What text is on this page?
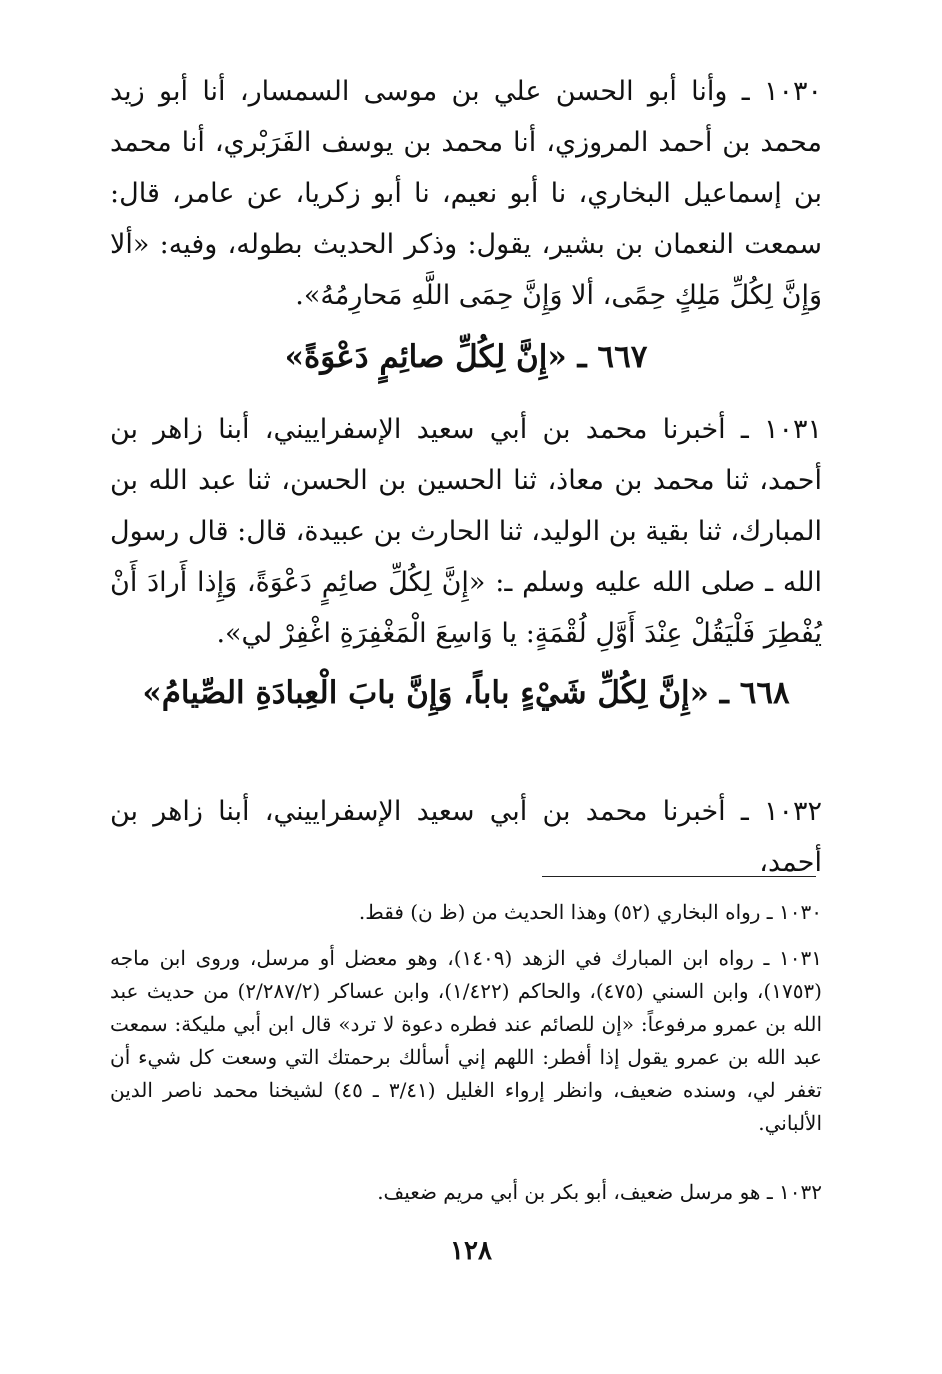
١٠٣٠ ـ وأنا أبو الحسن علي بن موسى السمسار، أنا أبو زيد محمد بن أحمد المروزي، أنا محمد بن يوسف الفَرَبْري، أنا محمد بن إسماعيل البخاري، نا أبو نعيم، نا أبو زكريا، عن عامر، قال: سمعت النعمان بن بشير، يقول: وذكر الحديث بطوله، وفيه: «ألا وَإِنَّ لِكُلِّ مَلِكٍ حِمًى، ألا وَإِنَّ حِمَى اللَّهِ مَحارِمُهُ».

٦٦٧ ـ «إِنَّ لِكُلِّ صائِمٍ دَعْوَةً»

١٠٣١ ـ أخبرنا محمد بن أبي سعيد الإسفراييني، أبنا زاهر بن أحمد، ثنا محمد بن معاذ، ثنا الحسين بن الحسن، ثنا عبد الله بن المبارك، ثنا بقية بن الوليد، ثنا الحارث بن عبيدة، قال: قال رسول الله ـ صلى الله عليه وسلم ـ: «إِنَّ لِكُلِّ صائِمٍ دَعْوَةً، وَإِذا أَرادَ أَنْ يُفْطِرَ فَلْيَقُلْ عِنْدَ أَوَّلِ لُقْمَةٍ: يا وَاسِعَ الْمَغْفِرَةِ اغْفِرْ لي».

٦٦٨ ـ «إِنَّ لِكُلِّ شَيْءٍ باباً، وَإِنَّ بابَ الْعِبادَةِ الصِّيامُ»

١٠٣٢ ـ أخبرنا محمد بن أبي سعيد الإسفراييني، أبنا زاهر بن أحمد،

١٠٣٠ ـ رواه البخاري (٥٢) وهذا الحديث من (ظ ن) فقط.

١٠٣١ ـ رواه ابن المبارك في الزهد (١٤٠٩)، وهو معضل أو مرسل، وروى ابن ماجه (١٧٥٣)، وابن السني (٤٧٥)، والحاكم (١/٤٢٢)، وابن عساكر (٢/٢٨٧/٢) من حديث عبد الله بن عمرو مرفوعاً: «إن للصائم عند فطره دعوة لا ترد» قال ابن أبي مليكة: سمعت عبد الله بن عمرو يقول إذا أفطر: اللهم إني أسألك برحمتك التي وسعت كل شيء أن تغفر لي، وسنده ضعيف، وانظر إرواء الغليل (٣/٤١ ـ ٤٥) لشيخنا محمد ناصر الدين الألباني.

١٠٣٢ ـ هو مرسل ضعيف، أبو بكر بن أبي مريم ضعيف.

١٢٨
